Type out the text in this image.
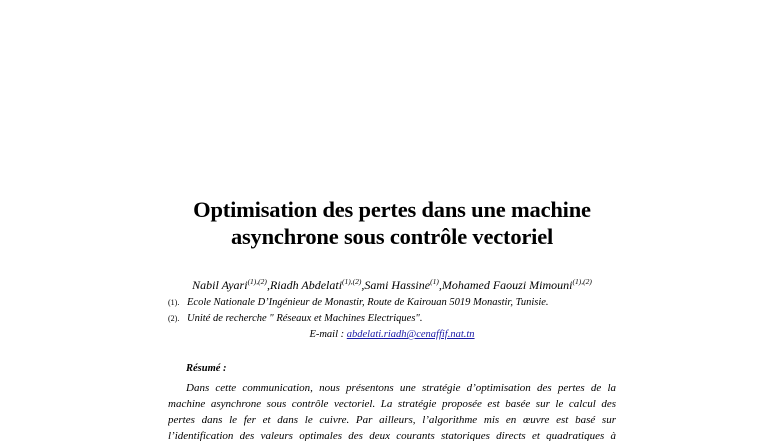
Optimisation des pertes dans une machine
asynchrone sous contrôle vectoriel
Nabil Ayari$^{(1),(2)}$,Riadh Abdelati$^{(1),(2)}$,Sami Hassine$^{(1)}$,Mohamed Faouzi Mimouni$^{(1),(2)}$
(1). Ecole Nationale D’Ingénieur de Monastir, Route de Kairouan 5019 Monastir, Tunisie.
(2). Unité de recherche " Réseaux et Machines Electriques".
E-mail : abdelati.riadh@cenaffif.nat.tn
Résumé :
Dans cette communication, nous présentons une stratégie d’optimisation des pertes de la
machine asynchrone sous contrôle vectoriel. La stratégie proposée est basée sur le calcul des
pertes dans le fer et dans le cuivre. Par ailleurs, l’algorithme mis en œuvre est basé sur
l’identification des valeurs optimales des deux courants statoriques directs et quadratiques à
